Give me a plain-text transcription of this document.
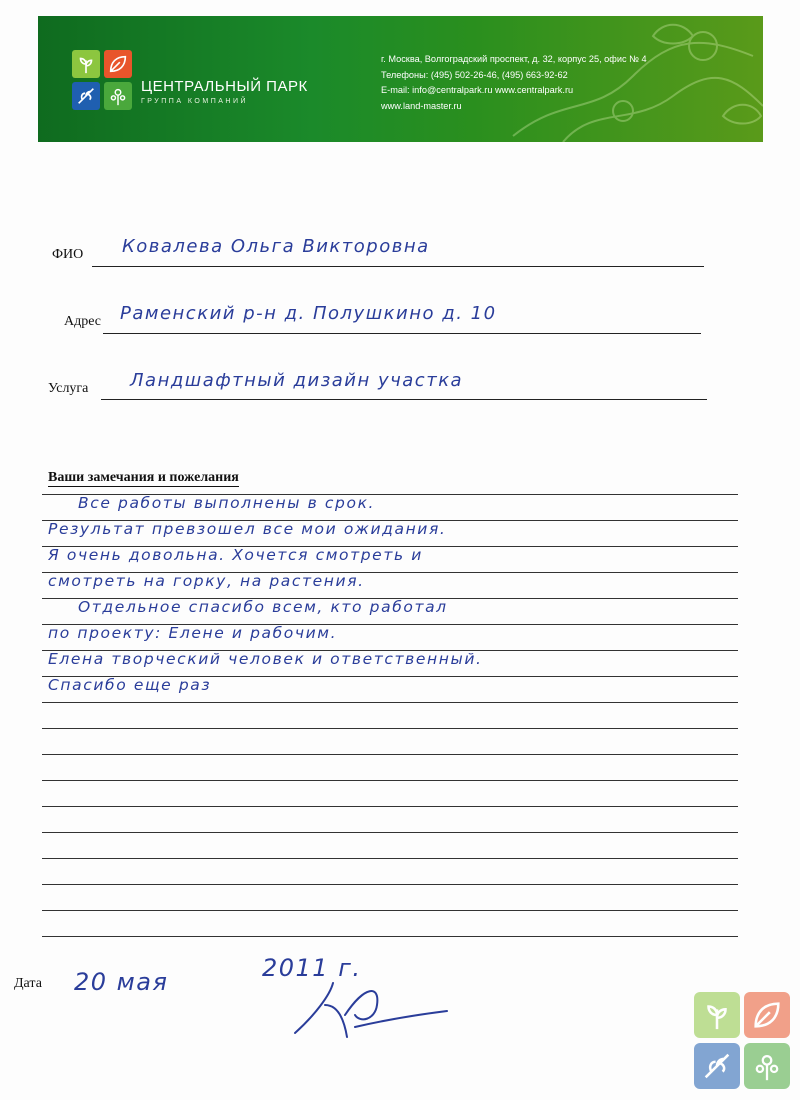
ЦЕНТРАЛЬНЫЙ ПАРК
ГРУППА КОМПАНИЙ
г. Москва, Волгоградский проспект, д. 32, корпус 25, офис № 4
Телефоны: (495) 502-26-46, (495) 663-92-62
E-mail: info@centralpark.ru www.centralpark.ru
www.land-master.ru
ФИО Ковалева Ольга Викторовна
Адрес Раменский р-н д. Полушкино д. 10
Услуга Ландшафтный дизайн участка
Ваши замечания и пожелания
Все работы выполнены в срок.
Результат превзошел все мои ожидания.
Я очень довольна. Хочется смотреть и
смотреть на горку, на растения.
Отдельное спасибо всем, кто работал
по проекту: Елене и рабочим.
Елена творческий человек и ответственный.
Спасибо еще раз
Дата 20 мая	2011 г.
